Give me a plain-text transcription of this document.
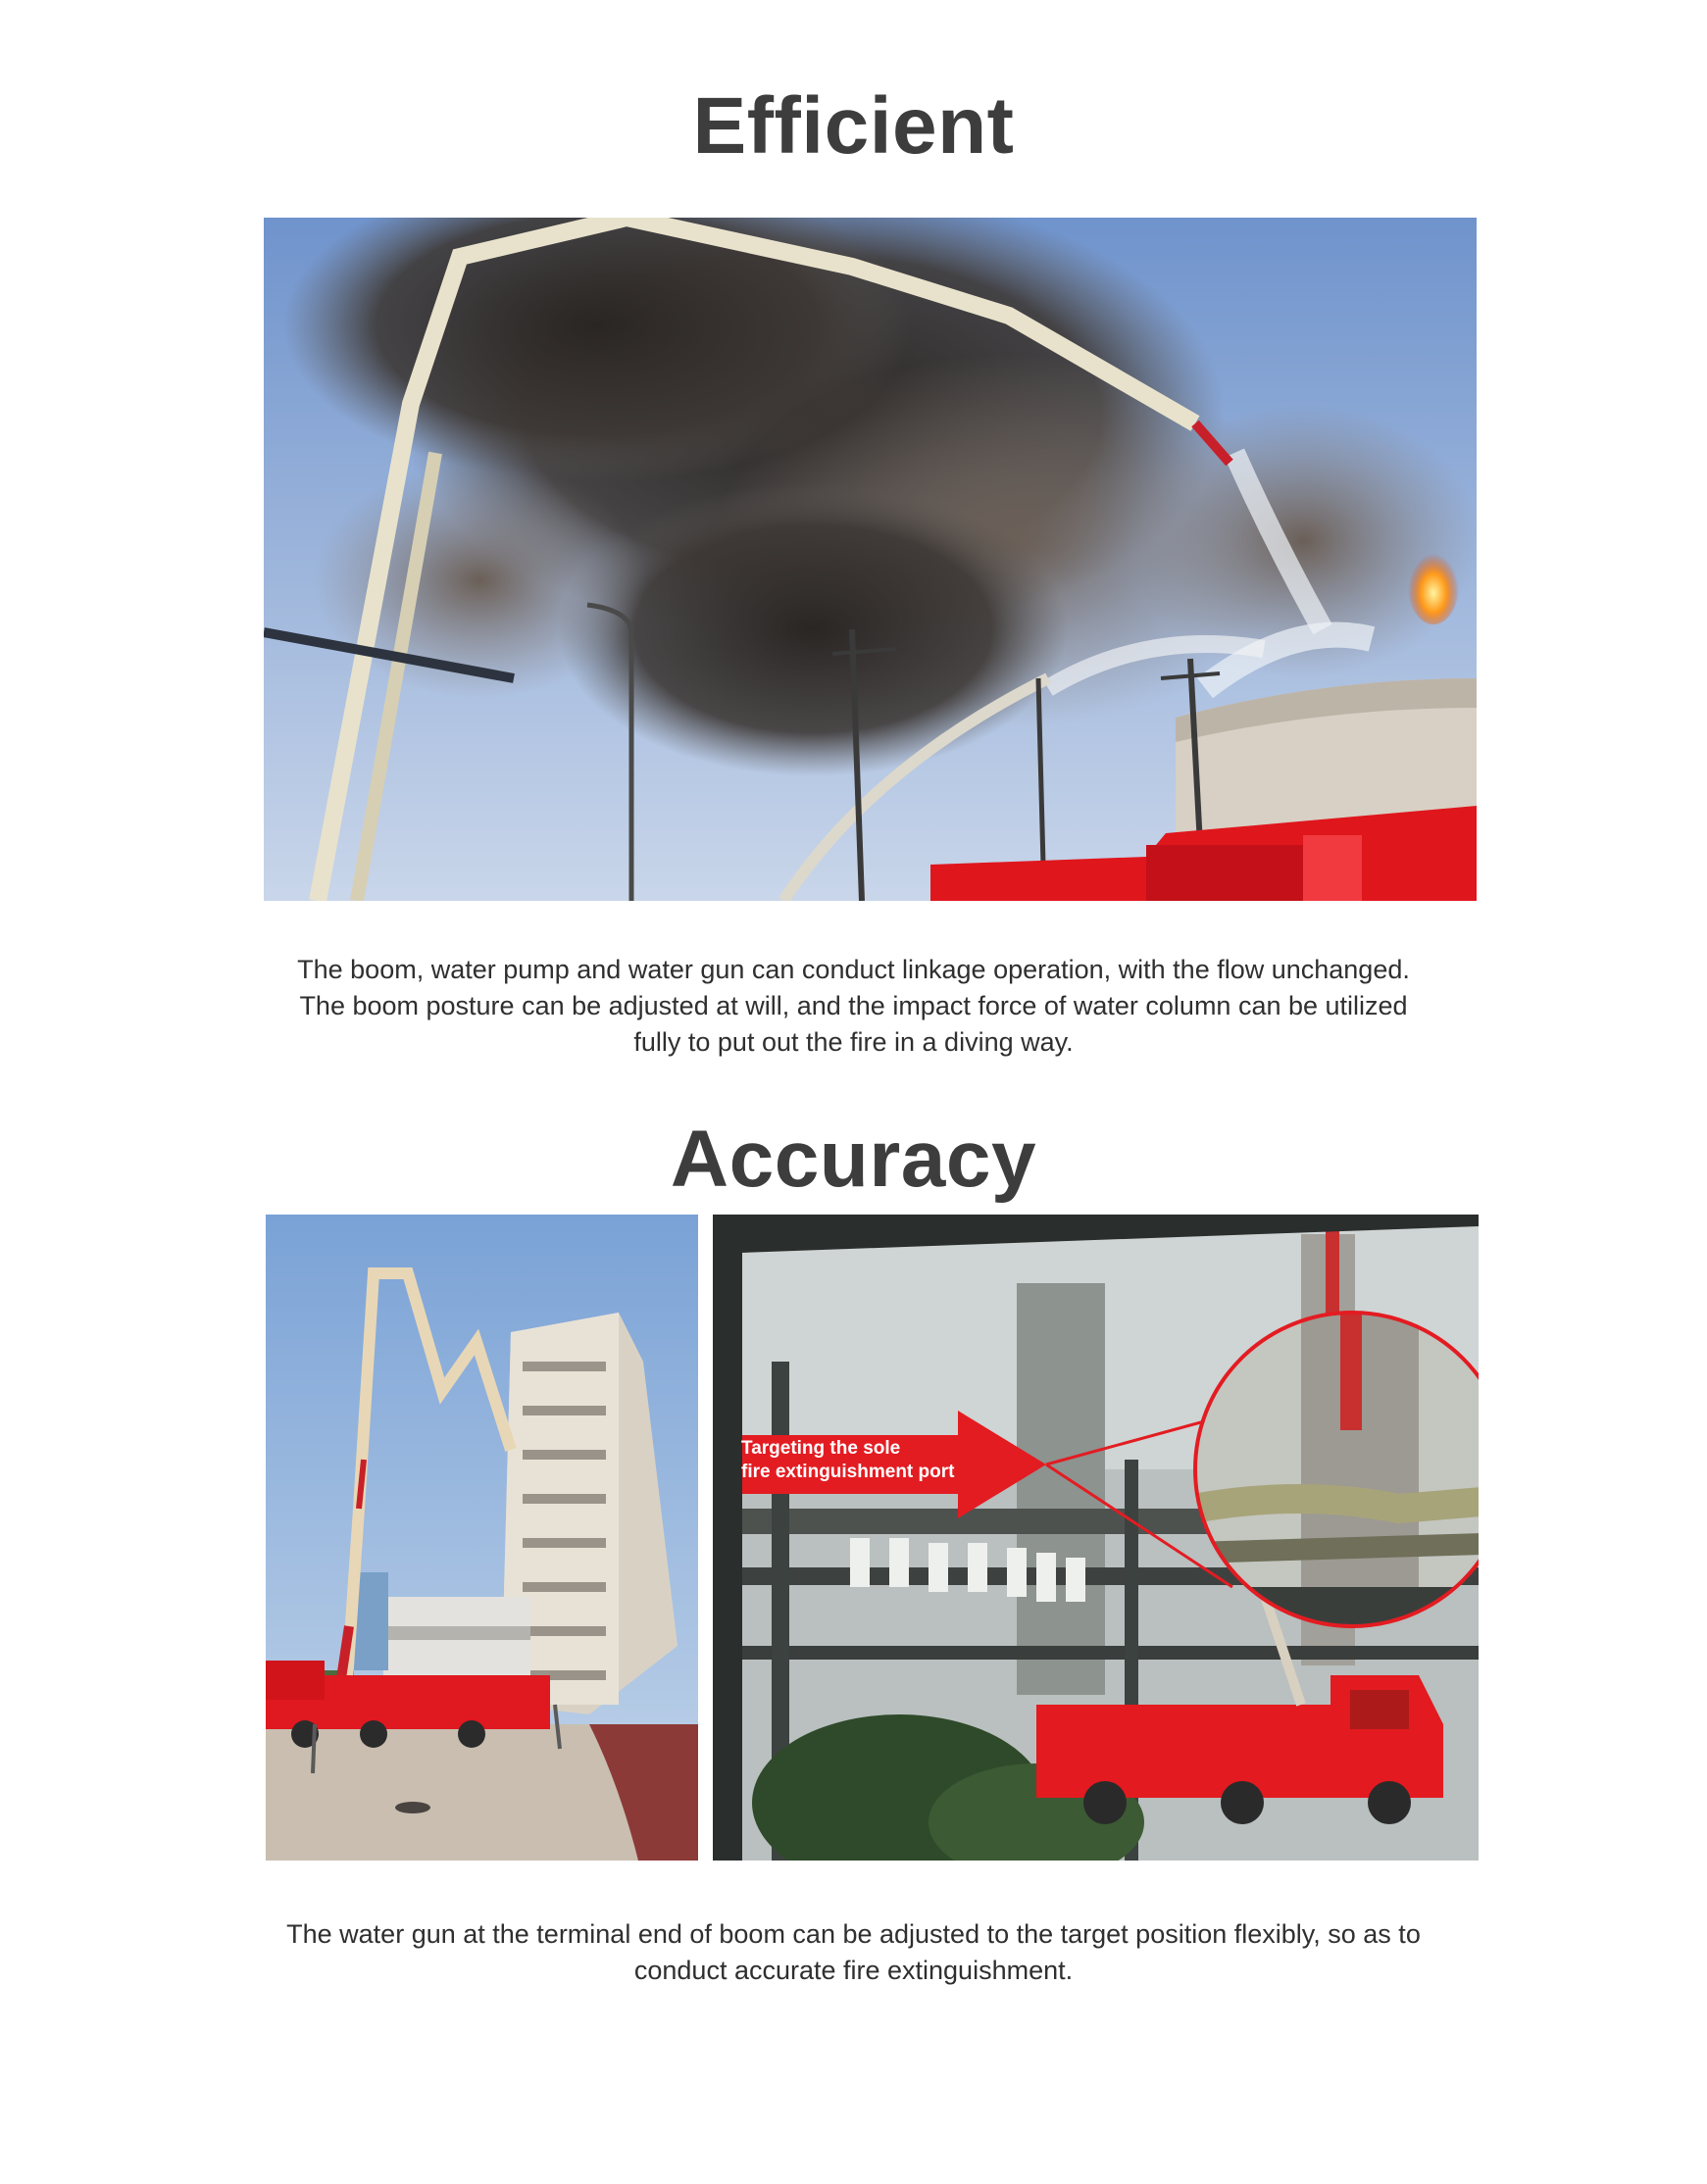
Efficient
The boom, water pump and water gun can conduct linkage operation, with the flow unchanged.
The boom posture can be adjusted at will, and the impact force of water column can be utilized
fully to put out the fire in a diving way.
Accuracy
Targeting the sole
fire extinguishment port
The water gun at the terminal end of boom can be adjusted to the target position flexibly, so as to
conduct accurate fire extinguishment.
